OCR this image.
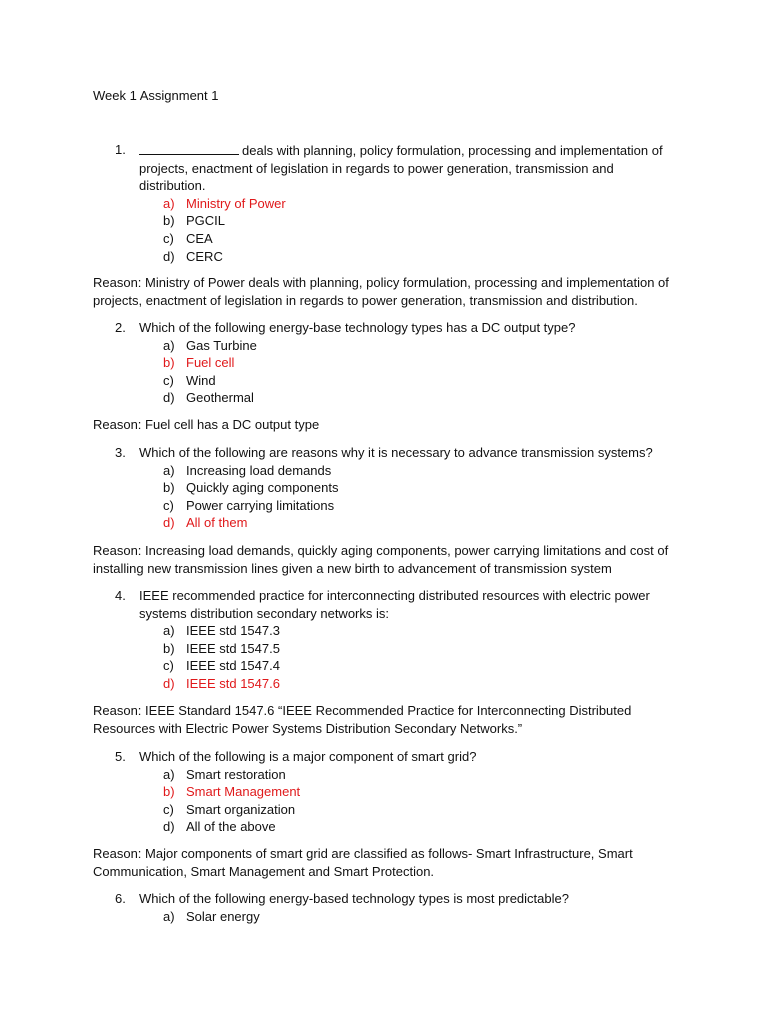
Week 1 Assignment 1
1.	deals with planning, policy formulation, processing and implementation of projects, enactment of legislation in regards to power generation, transmission and distribution.
a) Ministry of Power
b) PGCIL
c) CEA
d) CERC
Reason: Ministry of Power deals with planning, policy formulation, processing and implementation of projects, enactment of legislation in regards to power generation, transmission and distribution.
2. Which of the following energy-base technology types has a DC output type?
a) Gas Turbine
b) Fuel cell
c) Wind
d) Geothermal
Reason: Fuel cell has a DC output type
3. Which of the following are reasons why it is necessary to advance transmission systems?
a) Increasing load demands
b) Quickly aging components
c) Power carrying limitations
d) All of them
Reason: Increasing load demands, quickly aging components, power carrying limitations and cost of installing new transmission lines given a new birth to advancement of transmission system
4. IEEE recommended practice for interconnecting distributed resources with electric power systems distribution secondary networks is:
a) IEEE std 1547.3
b) IEEE std 1547.5
c) IEEE std 1547.4
d) IEEE std 1547.6
Reason: IEEE Standard 1547.6 “IEEE Recommended Practice for Interconnecting Distributed Resources with Electric Power Systems Distribution Secondary Networks.”
5. Which of the following is a major component of smart grid?
a) Smart restoration
b) Smart Management
c) Smart organization
d) All of the above
Reason: Major components of smart grid are classified as follows- Smart Infrastructure, Smart Communication, Smart Management and Smart Protection.
6. Which of the following energy-based technology types is most predictable?
a) Solar energy
